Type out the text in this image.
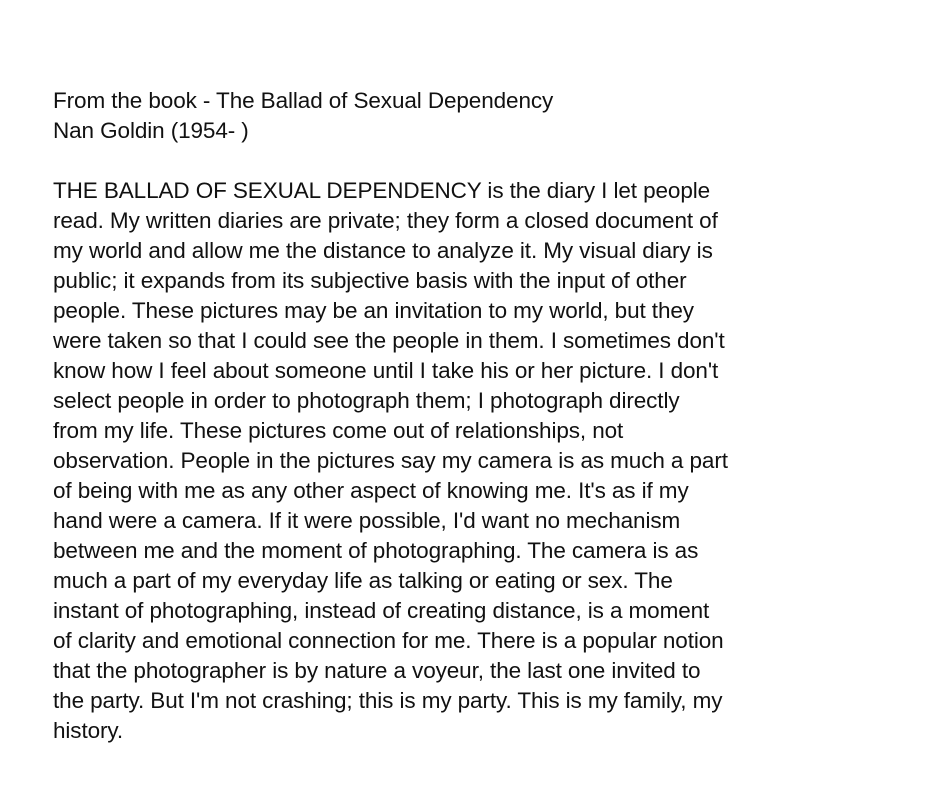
From the book - The Ballad of Sexual Dependency
Nan Goldin (1954- )
THE BALLAD OF SEXUAL DEPENDENCY is the diary I let people
read. My written diaries are private; they form a closed document of
my world and allow me the distance to analyze it. My visual diary is
public; it expands from its subjective basis with the input of other
people. These pictures may be an invitation to my world, but they
were taken so that I could see the people in them. I sometimes don't
know how I feel about someone until I take his or her picture. I don't
select people in order to photograph them; I photograph directly
from my life. These pictures come out of relationships, not
observation. People in the pictures say my camera is as much a part
of being with me as any other aspect of knowing me. It's as if my
hand were a camera. If it were possible, I'd want no mechanism
between me and the moment of photographing. The camera is as
much a part of my everyday life as talking or eating or sex. The
instant of photographing, instead of creating distance, is a moment
of clarity and emotional connection for me. There is a popular notion
that the photographer is by nature a voyeur, the last one invited to
the party. But I'm not crashing; this is my party. This is my family, my
history.
